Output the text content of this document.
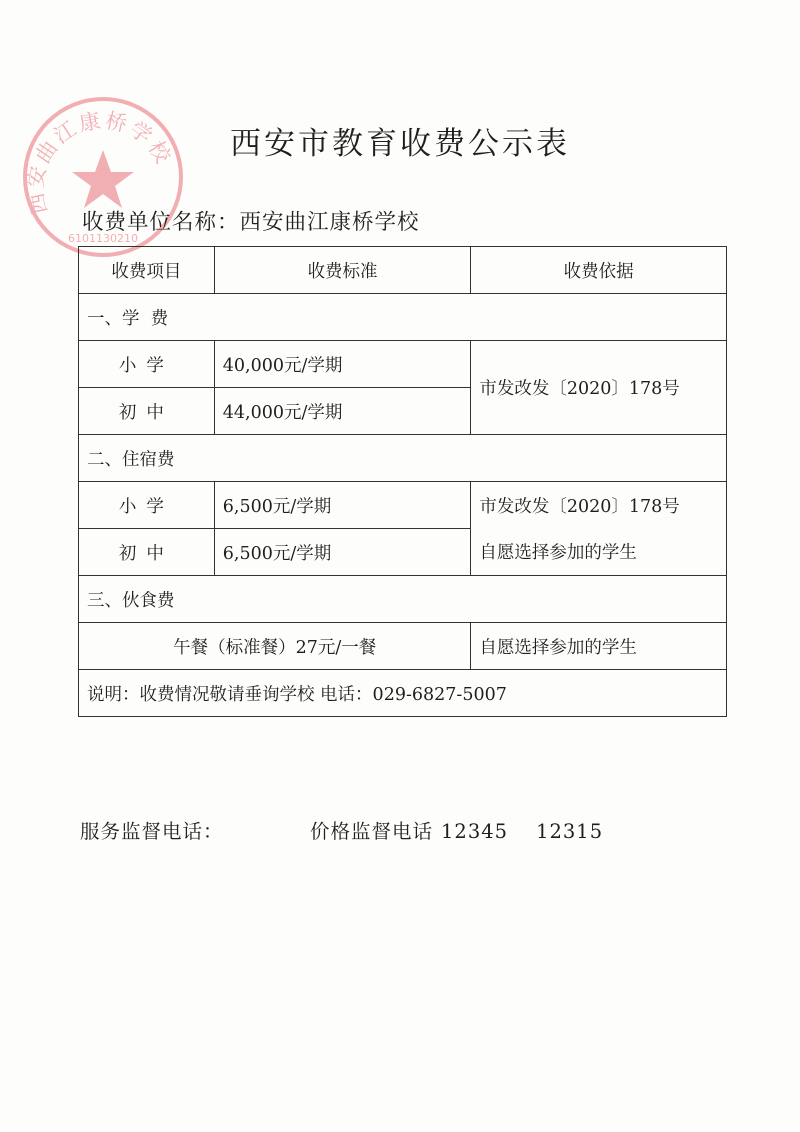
西安曲江康桥学校
6101130210
西安市教育收费公示表
收费单位名称：西安曲江康桥学校
收费项目	收费标准	收费依据
一、学  费		
小学	40,000元/学期	市发改发〔2020〕178号
初中	44,000元/学期	
二、住宿费		
小学	6,500元/学期	市发改发〔2020〕178号
初中	6,500元/学期	自愿选择参加的学生
三、伙食费		
午餐（标准餐）27元/一餐		自愿选择参加的学生
说明：收费情况敬请垂询学校 电话：029-6827-5007		
服务监督电话：	价格监督电话 12345 12315
